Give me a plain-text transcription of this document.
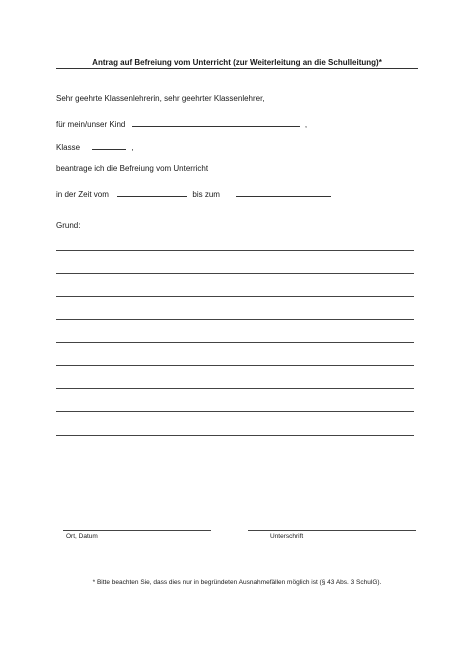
Antrag auf Befreiung vom Unterricht (zur Weiterleitung an die Schulleitung)*
Sehr geehrte Klassenlehrerin, sehr geehrter Klassenlehrer,
für mein/unser Kind	,
Klasse	,
beantrage ich die Befreiung vom Unterricht
in der Zeit vom	bis zum
Grund:
Ort, Datum	Unterschrift
* Bitte beachten Sie, dass dies nur in begründeten Ausnahmefällen möglich ist (§ 43 Abs. 3 SchulG).
